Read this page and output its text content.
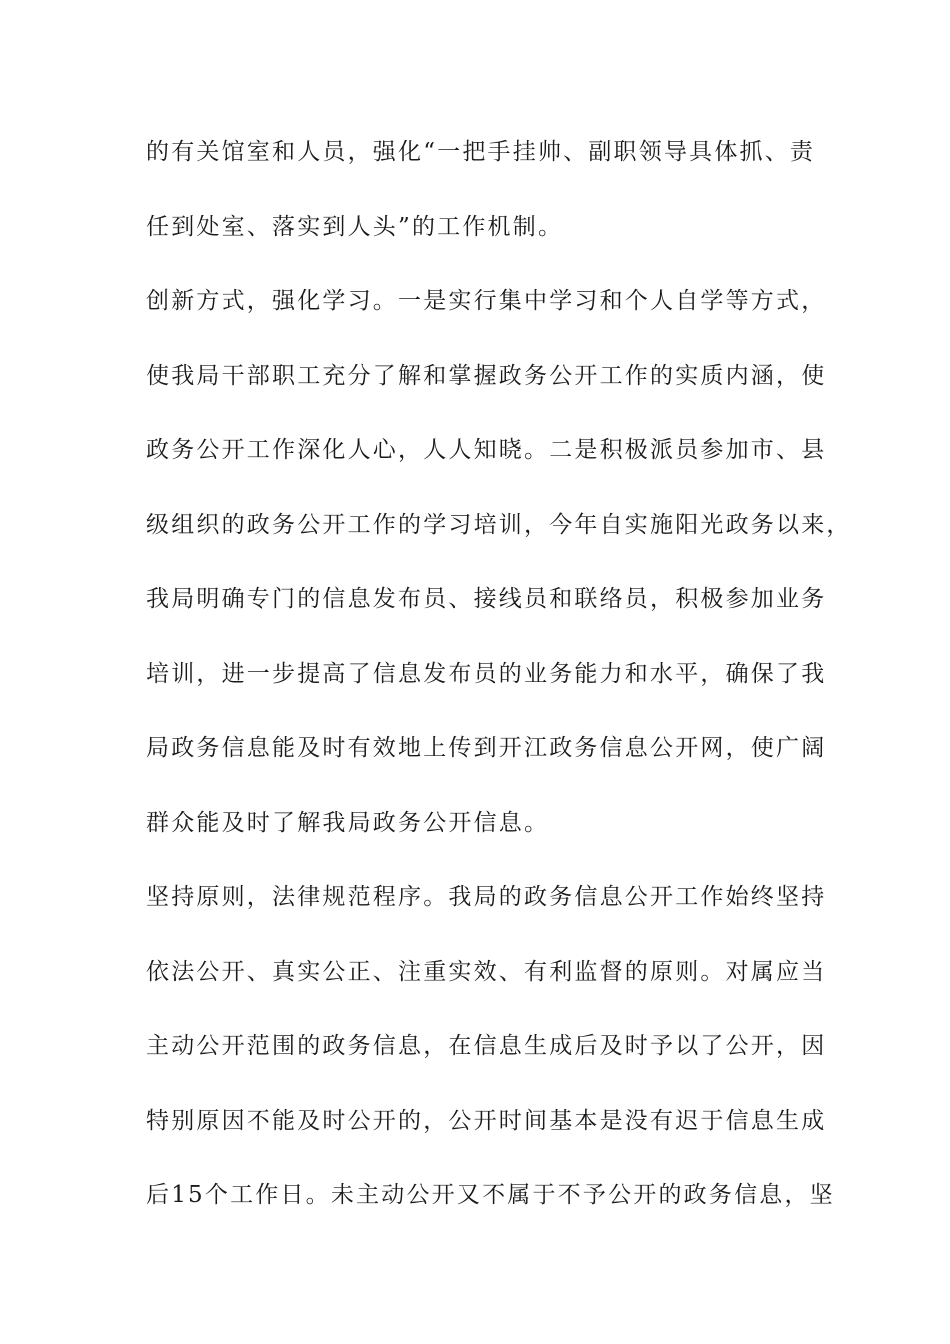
的有关馆室和人员，强化“一把手挂帅、副职领导具体抓、责
任到处室、落实到人头”的工作机制。
创新方式，强化学习。一是实行集中学习和个人自学等方式，
使我局干部职工充分了解和掌握政务公开工作的实质内涵，使
政务公开工作深化人心，人人知晓。二是积极派员参加市、县
级组织的政务公开工作的学习培训，今年自实施阳光政务以来，
我局明确专门的信息发布员、接线员和联络员，积极参加业务
培训，进一步提高了信息发布员的业务能力和水平，确保了我
局政务信息能及时有效地上传到开江政务信息公开网，使广阔
群众能及时了解我局政务公开信息。
坚持原则，法律规范程序。我局的政务信息公开工作始终坚持
依法公开、真实公正、注重实效、有利监督的原则。对属应当
主动公开范围的政务信息，在信息生成后及时予以了公开，因
特别原因不能及时公开的，公开时间基本是没有迟于信息生成
后15个工作日。未主动公开又不属于不予公开的政务信息，坚
